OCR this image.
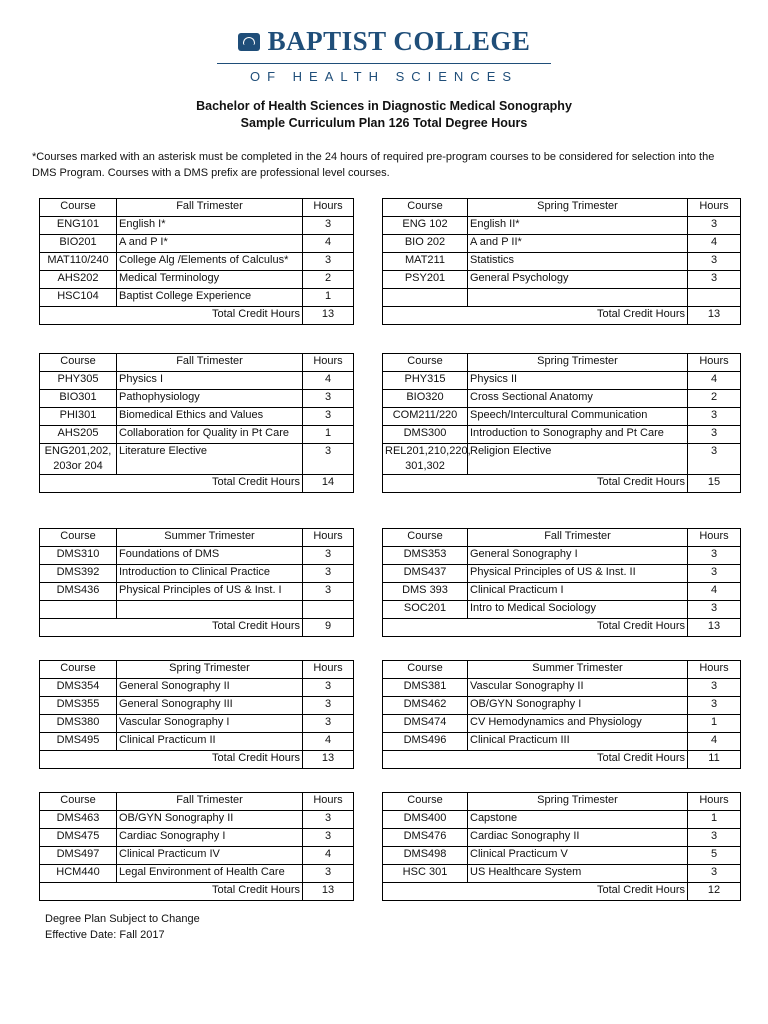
BAPTIST COLLEGE
OF HEALTH SCIENCES
Bachelor of Health Sciences in Diagnostic Medical Sonography
Sample Curriculum Plan 126 Total Degree Hours
*Courses marked with an asterisk must be completed in the 24 hours of required pre-program courses to be considered for selection into the DMS Program. Courses with a DMS prefix are professional level courses.
Course	Fall Trimester	Hours		Course	Spring Trimester	Hours
ENG101	English I*	3		ENG 102	English II*	3
BIO201	A and P I*	4		BIO 202	A and P II*	4
MAT110/240	College Alg /Elements of Calculus*	3		MAT211	Statistics	3
AHS202	Medical Terminology	2		PSY201	General Psychology	3
HSC104	Baptist College Experience	1				
Total Credit Hours		13		Total Credit Hours		13
Course	Fall Trimester	Hours		Course	Spring Trimester	Hours
PHY305	Physics I	4		PHY315	Physics II	4
BIO301	Pathophysiology	3		BIO320	Cross Sectional Anatomy	2
PHI301	Biomedical Ethics and Values	3		COM211/220	Speech/Intercultural Communication	3
AHS205	Collaboration for Quality in Pt Care	1		DMS300	Introduction to Sonography and Pt Care	3
ENG201,202, 203or 204	Literature Elective	3		REL201,210,220, 301,302	Religion Elective	3
Total Credit Hours		14		Total Credit Hours		15
Course	Summer Trimester	Hours		Course	Fall Trimester	Hours
DMS310	Foundations of DMS	3		DMS353	General Sonography I	3
DMS392	Introduction to Clinical Practice	3		DMS437	Physical Principles of US & Inst. II	3
DMS436	Physical Principles of US & Inst. I	3		DMS 393	Clinical Practicum I	4
				SOC201	Intro to Medical Sociology	3
Total Credit Hours		9		Total Credit Hours		13
Course	Spring Trimester	Hours		Course	Summer Trimester	Hours
DMS354	General Sonography II	3		DMS381	Vascular Sonography II	3
DMS355	General Sonography III	3		DMS462	OB/GYN Sonography I	3
DMS380	Vascular Sonography I	3		DMS474	CV Hemodynamics and Physiology	1
DMS495	Clinical Practicum II	4		DMS496	Clinical Practicum III	4
Total Credit Hours		13		Total Credit Hours		11
Course	Fall Trimester	Hours		Course	Spring Trimester	Hours
DMS463	OB/GYN Sonography II	3		DMS400	Capstone	1
DMS475	Cardiac Sonography I	3		DMS476	Cardiac Sonography II	3
DMS497	Clinical Practicum IV	4		DMS498	Clinical Practicum V	5
HCM440	Legal Environment of Health Care	3		HSC 301	US Healthcare System	3
Total Credit Hours		13		Total Credit Hours		12
Degree Plan Subject to Change
Effective Date: Fall 2017
